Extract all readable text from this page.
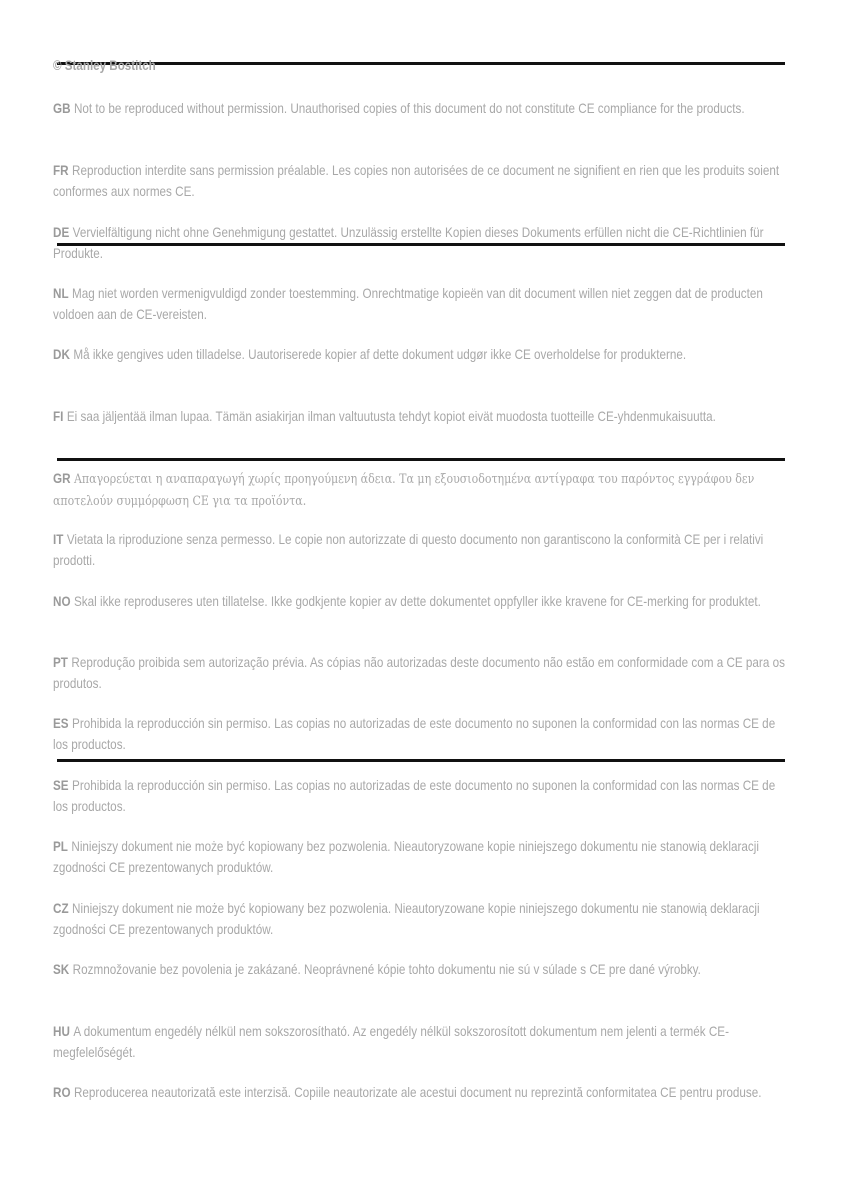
© Stanley Bostitch
GB Not to be reproduced without permission. Unauthorised copies of this document do not constitute CE compliance for the products.
FR Reproduction interdite sans permission préalable. Les copies non autorisées de ce document ne signifient en rien que les produits soient conformes aux normes CE.
DE Vervielfältigung nicht ohne Genehmigung gestattet. Unzulässig erstellte Kopien dieses Dokuments erfüllen nicht die CE-Richtlinien für Produkte.
NL Mag niet worden vermenigvuldigd zonder toestemming. Onrechtmatige kopieën van dit document willen niet zeggen dat de producten voldoen aan de CE-vereisten.
DK Må ikke gengives uden tilladelse. Uautoriserede kopier af dette dokument udgør ikke CE overholdelse for produkterne.
FI Ei saa jäljentää ilman lupaa. Tämän asiakirjan ilman valtuutusta tehdyt kopiot eivät muodosta tuotteille CE-yhdenmukaisuutta.
GR Απαγορεύεται η αναπαραγωγή χωρίς προηγούμενη άδεια. Τα μη εξουσιοδοτημένα αντίγραφα του παρόντος εγγράφου δεν αποτελούν συμμόρφωση CE για τα προϊόντα.
IT Vietata la riproduzione senza permesso. Le copie non autorizzate di questo documento non garantiscono la conformità CE per i relativi prodotti.
NO Skal ikke reproduseres uten tillatelse. Ikke godkjente kopier av dette dokumentet oppfyller ikke kravene for CE-merking for produktet.
PT Reprodução proibida sem autorização prévia. As cópias não autorizadas deste documento não estão em conformidade com a CE para os produtos.
ES Prohibida la reproducción sin permiso. Las copias no autorizadas de este documento no suponen la conformidad con las normas CE de los productos.
SE Prohibida la reproducción sin permiso. Las copias no autorizadas de este documento no suponen la conformidad con las normas CE de los productos.
PL Niniejszy dokument nie może być kopiowany bez pozwolenia. Nieautoryzowane kopie niniejszego dokumentu nie stanowią deklaracji zgodności CE prezentowanych produktów.
CZ Niniejszy dokument nie może być kopiowany bez pozwolenia. Nieautoryzowane kopie niniejszego dokumentu nie stanowią deklaracji zgodności CE prezentowanych produktów.
SK Rozmnožovanie bez povolenia je zakázané. Neoprávnené kópie tohto dokumentu nie sú v súlade s CE pre dané výrobky.
HU A dokumentum engedély nélkül nem sokszorosítható. Az engedély nélkül sokszorosított dokumentum nem jelenti a termék CE-megfelelőségét.
RO Reproducerea neautorizată este interzisă. Copiile neautorizate ale acestui document nu reprezintă conformitatea CE pentru produse.
